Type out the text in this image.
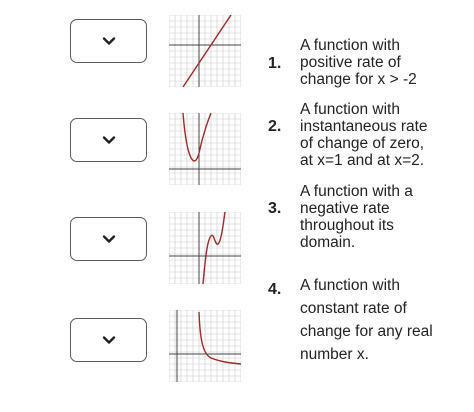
1.
A function with
positive rate of
change for x > -2
2.
A function with
instantaneous rate
of change of zero,
at x=1 and at x=2.
3.
A function with a
negative rate
throughout its
domain.
4. A function with
constant rate of
change for any real
number x.
